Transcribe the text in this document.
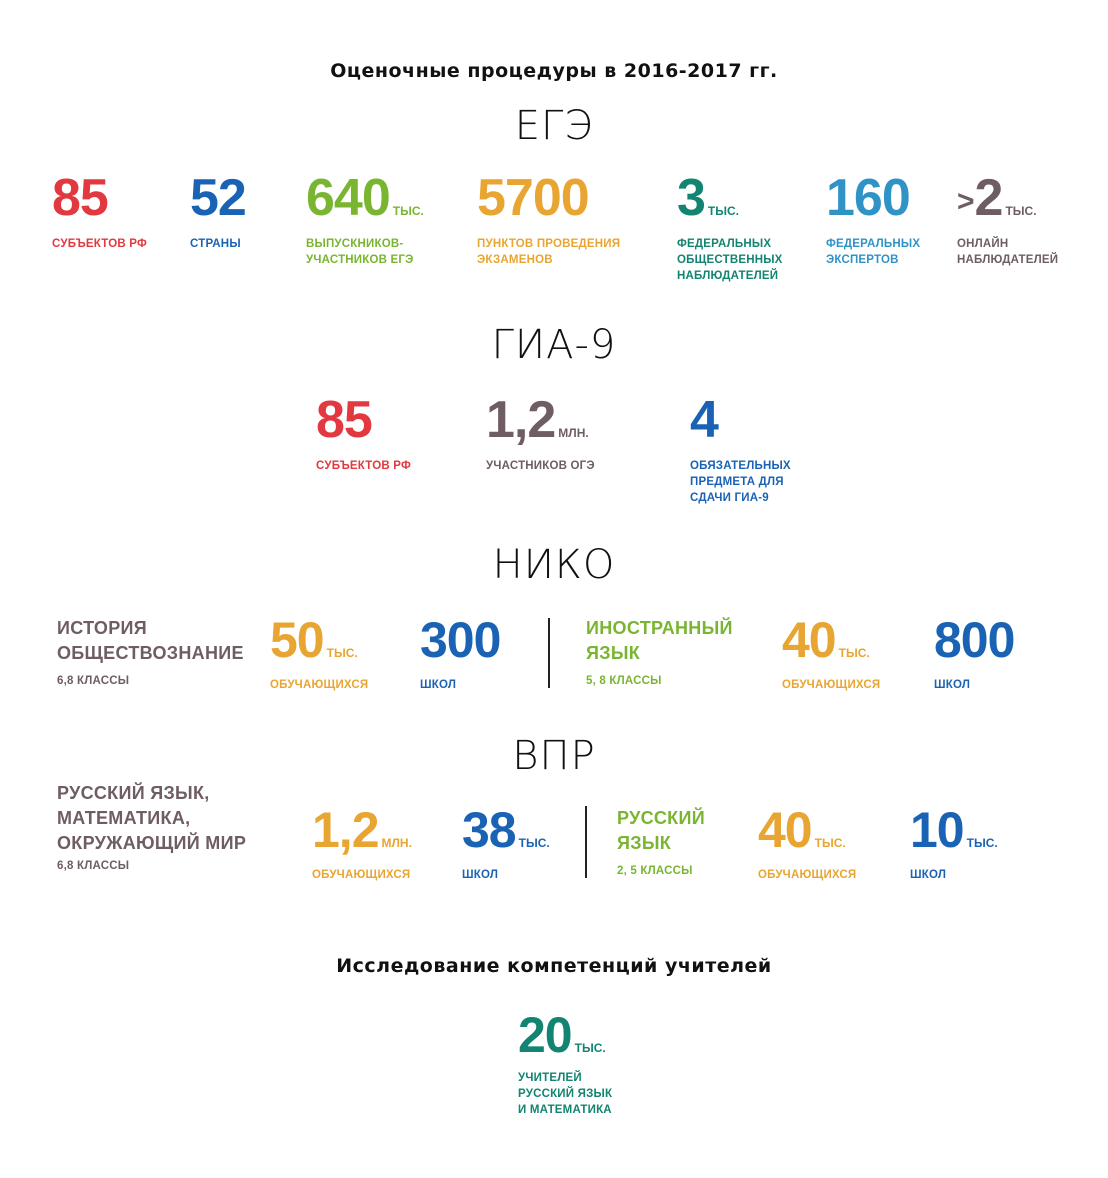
Оценочные процедуры в 2016-2017 гг.
ЕГЭ
85
СУБЪЕКТОВ РФ
52
СТРАНЫ
640 ТЫС.
ВЫПУСКНИКОВ-
УЧАСТНИКОВ ЕГЭ
5700
ПУНКТОВ ПРОВЕДЕНИЯ
ЭКЗАМЕНОВ
3 ТЫС.
ФЕДЕРАЛЬНЫХ
ОБЩЕСТВЕННЫХ
НАБЛЮДАТЕЛЕЙ
160
ФЕДЕРАЛЬНЫХ
ЭКСПЕРТОВ
>2 ТЫС.
ОНЛАЙН
НАБЛЮДАТЕЛЕЙ
ГИА-9
85
СУБЪЕКТОВ РФ
1,2 МЛН.
УЧАСТНИКОВ ОГЭ
4
ОБЯЗАТЕЛЬНЫХ
ПРЕДМЕТА ДЛЯ
СДАЧИ ГИА-9
НИКО
ИСТОРИЯ
ОБЩЕСТВОЗНАНИЕ
6,8 КЛАССЫ
50 ТЫС.
ОБУЧАЮЩИХСЯ
300
ШКОЛ
ИНОСТРАННЫЙ
ЯЗЫК
5, 8 КЛАССЫ
40 ТЫС.
ОБУЧАЮЩИХСЯ
800
ШКОЛ
ВПР
РУССКИЙ ЯЗЫК,
МАТЕМАТИКА,
ОКРУЖАЮЩИЙ МИР
6,8 КЛАССЫ
1,2 МЛН.
ОБУЧАЮЩИХСЯ
38 ТЫС.
ШКОЛ
РУССКИЙ
ЯЗЫК
2, 5 КЛАССЫ
40 ТЫС.
ОБУЧАЮЩИХСЯ
10 ТЫС.
ШКОЛ
Исследование компетенций учителей
20 ТЫС.
УЧИТЕЛЕЙ
РУССКИЙ ЯЗЫК
И МАТЕМАТИКА
